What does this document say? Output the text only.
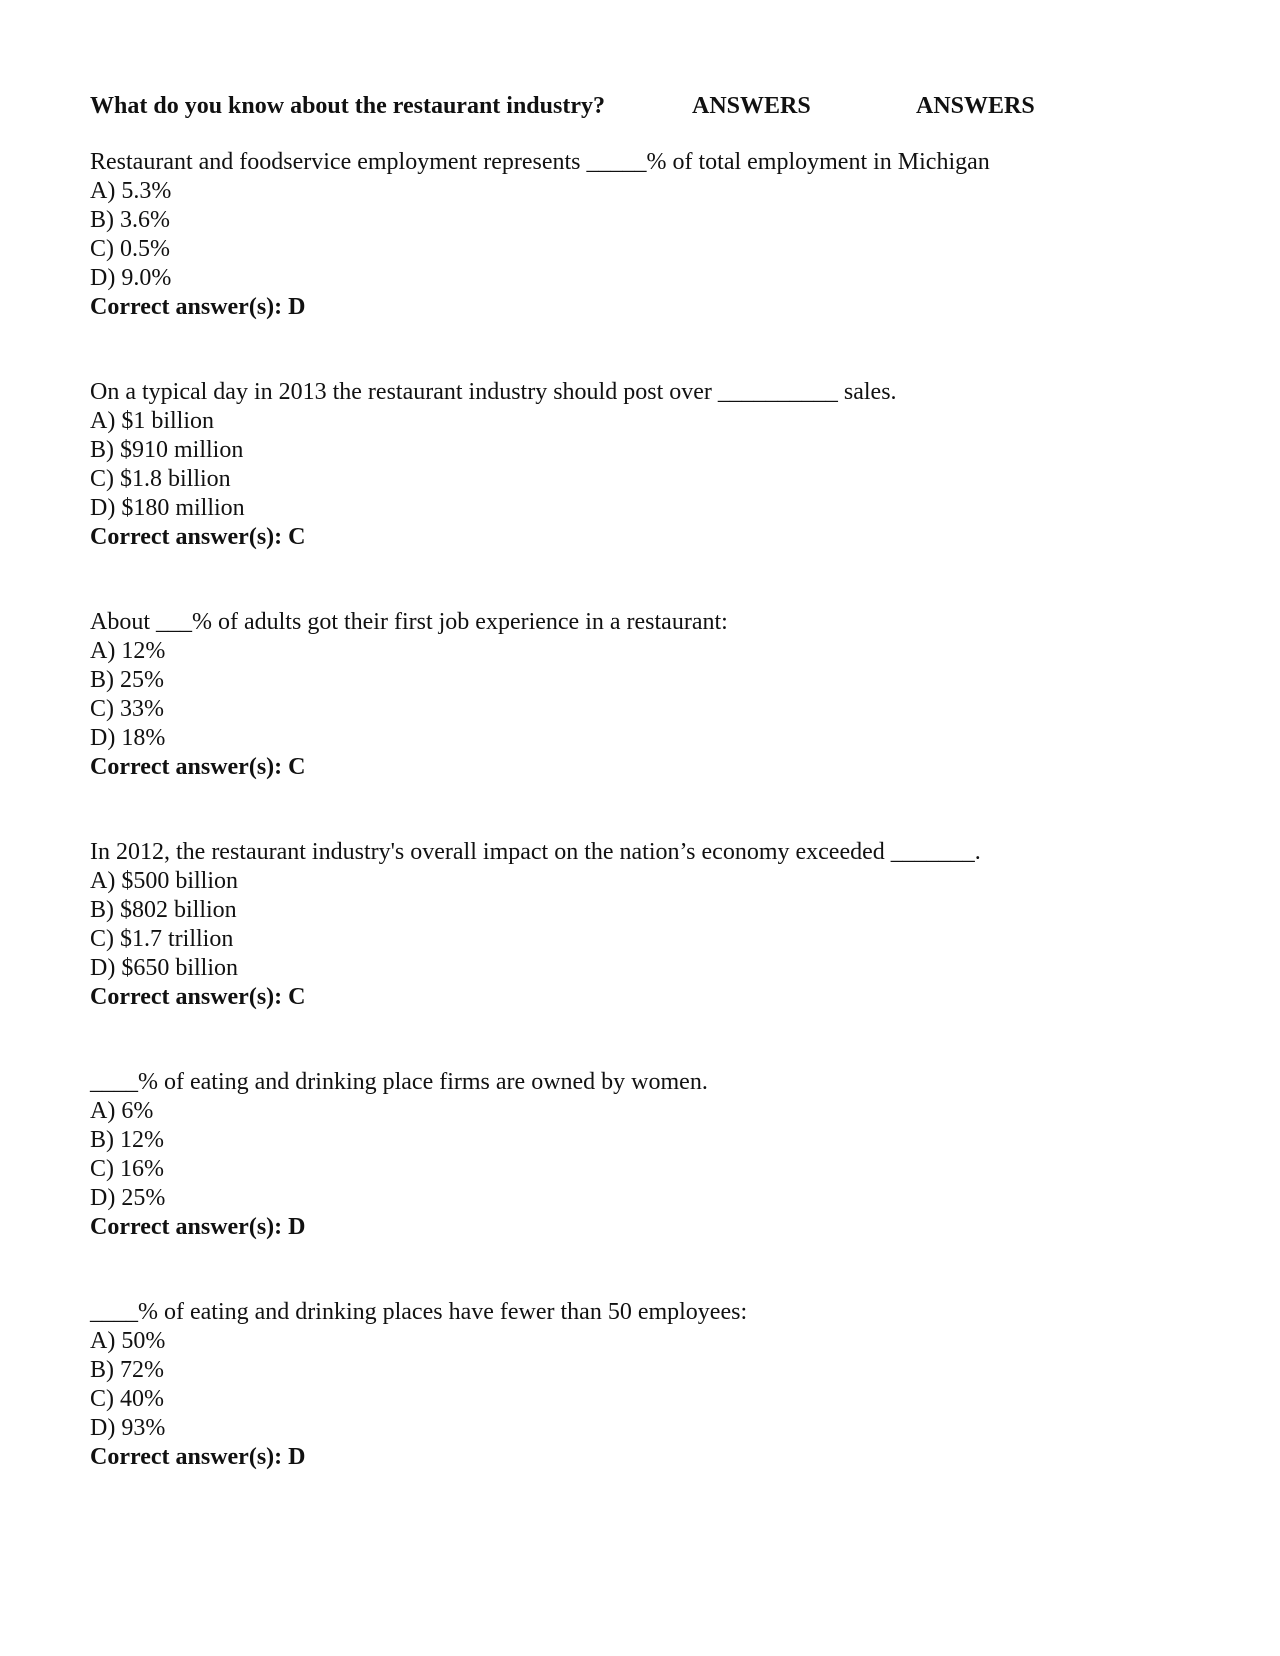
What do you know about the restaurant industry?	ANSWERS	ANSWERS
Restaurant and foodservice employment represents _____% of total employment in Michigan
A) 5.3%
B) 3.6%
C) 0.5%
D) 9.0%
Correct answer(s): D
On a typical day in 2013 the restaurant industry should post over __________ sales.
A) $1 billion
B) $910 million
C) $1.8 billion
D) $180 million
Correct answer(s): C
About ___% of adults got their first job experience in a restaurant:
A) 12%
B) 25%
C) 33%
D) 18%
Correct answer(s): C
In 2012, the restaurant industry's overall impact on the nation’s economy exceeded _______.
A) $500 billion
B) $802 billion
C) $1.7 trillion
D) $650 billion
Correct answer(s): C
____% of eating and drinking place firms are owned by women.
A) 6%
B) 12%
C) 16%
D) 25%
Correct answer(s): D
____% of eating and drinking places have fewer than 50 employees:
A) 50%
B) 72%
C) 40%
D) 93%
Correct answer(s): D
